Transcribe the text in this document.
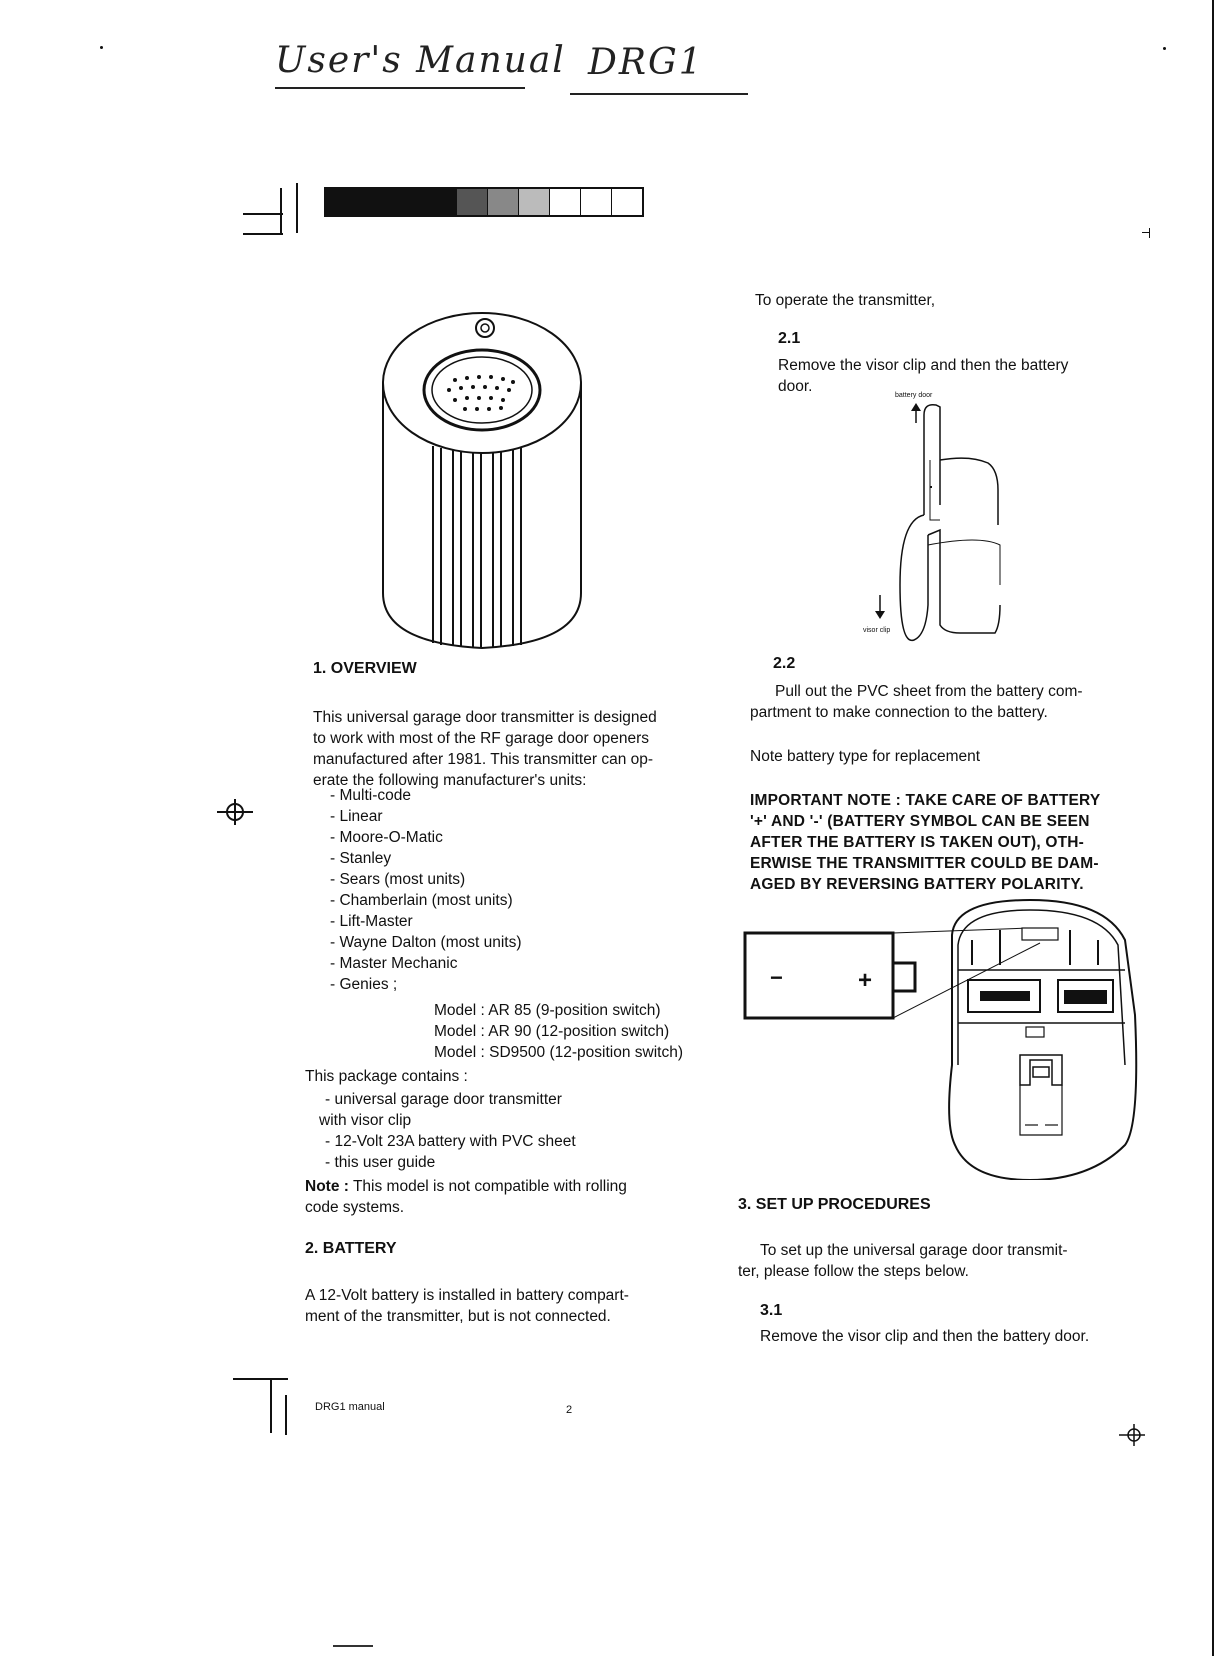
User's Manual DRG1
1. OVERVIEW
This universal garage door transmitter is designed
to work with most of the RF garage door openers
manufactured after 1981. This transmitter can op-
erate the following manufacturer's units:
- Multi-code
- Linear
- Moore-O-Matic
- Stanley
- Sears (most units)
- Chamberlain (most units)
- Lift-Master
- Wayne Dalton (most units)
- Master Mechanic
- Genies ;
Model : AR 85 (9-position switch)
Model : AR 90 (12-position switch)
Model : SD9500 (12-position switch)
This package contains :
- universal garage door transmitter
with visor clip
- 12-Volt 23A battery with PVC sheet
- this user guide
Note : This model is not compatible with rolling
code systems.
2. BATTERY
A 12-Volt battery is installed in battery compart-
ment of the transmitter, but is not connected.
To operate the transmitter,
2.1
Remove the visor clip and then the battery
door.
battery door
visor clip
2.2
Pull out the PVC sheet from the battery com-
partment to make connection to the battery.
Note battery type for replacement
IMPORTANT NOTE : TAKE CARE OF BATTERY
'+' AND '-' (BATTERY SYMBOL CAN BE SEEN
AFTER THE BATTERY IS TAKEN OUT), OTH-
ERWISE THE TRANSMITTER COULD BE DAM-
AGED BY REVERSING BATTERY POLARITY.
−	+
3. SET UP PROCEDURES
To set up the universal garage door transmit-
ter, please follow the steps below.
3.1
Remove the visor clip and then the battery door.
DRG1 manual	2
